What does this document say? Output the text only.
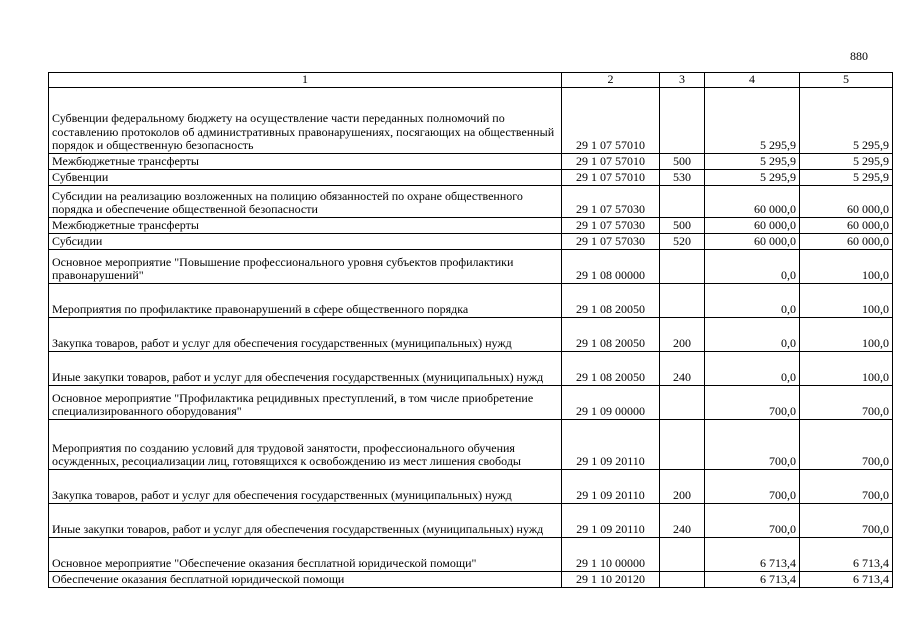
880
1	2	3	4	5
Субвенции федеральному бюджету на осуществление части переданных полномочий по составлению протоколов об административных правонарушениях, посягающих на общественный порядок и общественную безопасность	29 1 07 57010		5 295,9	5 295,9
Межбюджетные трансферты	29 1 07 57010	500	5 295,9	5 295,9
Субвенции	29 1 07 57010	530	5 295,9	5 295,9
Субсидии на реализацию возложенных на полицию обязанностей по охране общественного порядка и обеспечение общественной безопасности	29 1 07 57030		60 000,0	60 000,0
Межбюджетные трансферты	29 1 07 57030	500	60 000,0	60 000,0
Субсидии	29 1 07 57030	520	60 000,0	60 000,0
Основное мероприятие "Повышение профессионального уровня субъектов профилактики правонарушений"	29 1 08 00000		0,0	100,0
Мероприятия по профилактике правонарушений в сфере общественного порядка	29 1 08 20050		0,0	100,0
Закупка товаров, работ и услуг для обеспечения государственных (муниципальных) нужд	29 1 08 20050	200	0,0	100,0
Иные закупки товаров, работ и услуг для обеспечения государственных (муниципальных) нужд	29 1 08 20050	240	0,0	100,0
Основное мероприятие "Профилактика рецидивных преступлений, в том числе приобретение специализированного оборудования"	29 1 09 00000		700,0	700,0
Мероприятия по созданию условий для трудовой занятости, профессионального обучения осужденных, ресоциализации лиц, готовящихся к освобождению из мест лишения свободы	29 1 09 20110		700,0	700,0
Закупка товаров, работ и услуг для обеспечения государственных (муниципальных) нужд	29 1 09 20110	200	700,0	700,0
Иные закупки товаров, работ и услуг для обеспечения государственных (муниципальных) нужд	29 1 09 20110	240	700,0	700,0
Основное мероприятие "Обеспечение оказания бесплатной юридической помощи"	29 1 10 00000		6 713,4	6 713,4
Обеспечение оказания бесплатной юридической помощи	29 1 10 20120		6 713,4	6 713,4
